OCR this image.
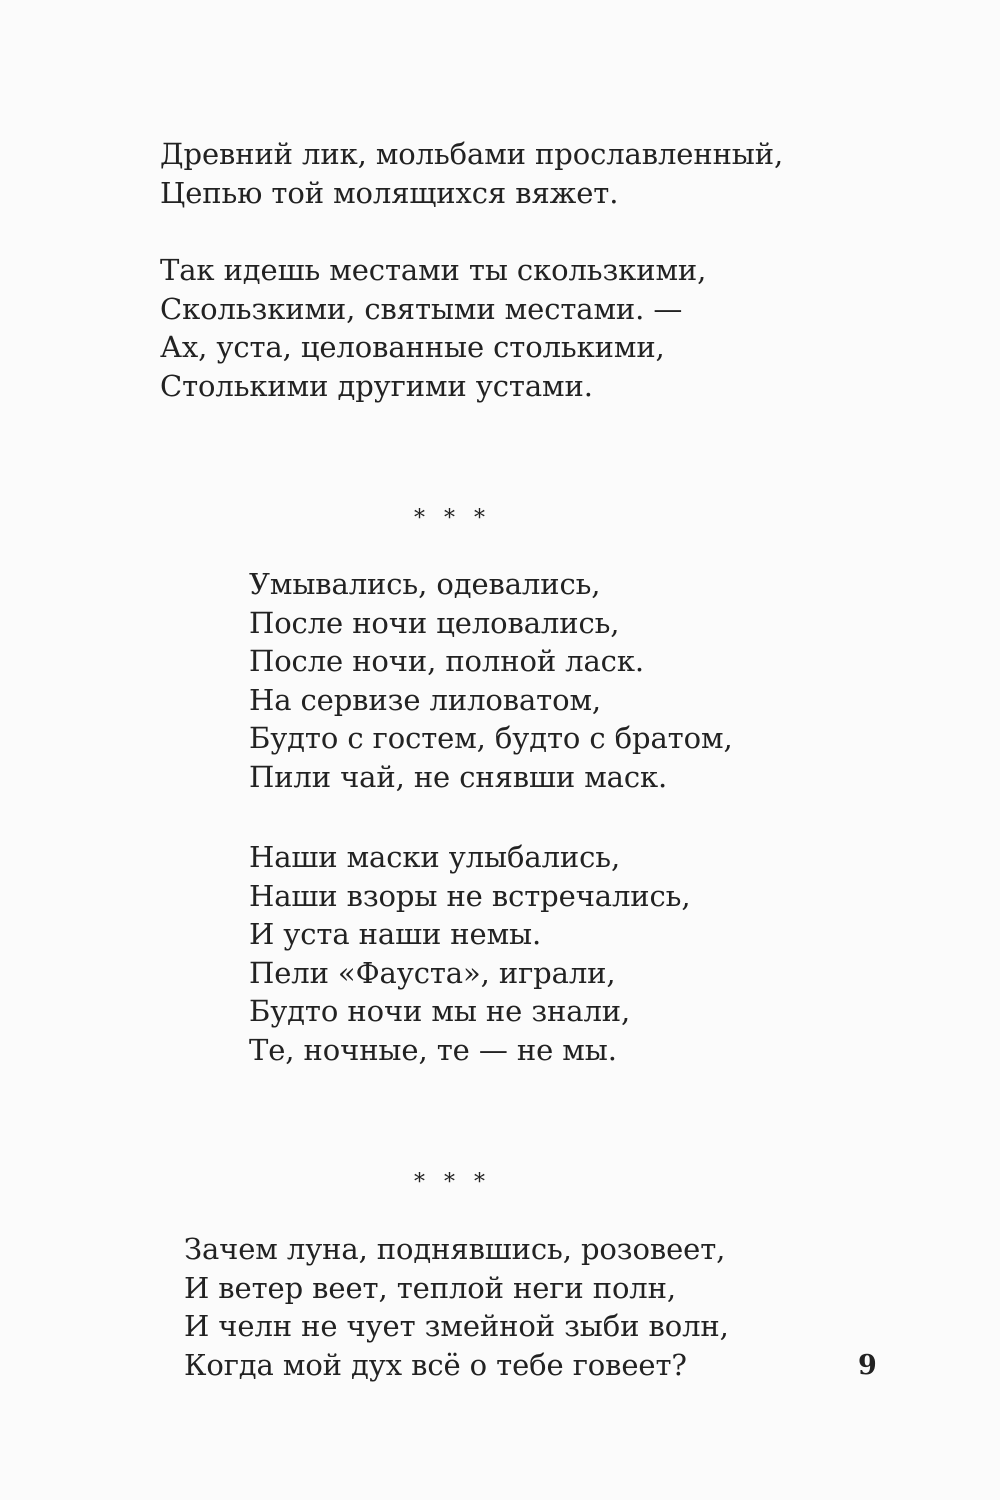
Древний лик, мольбами прославленный,
Цепью той молящихся вяжет.
Так идешь местами ты скользкими,
Скользкими, святыми местами. —
Ах, уста, целованные столькими,
Столькими другими устами.
* * *
Умывались, одевались,
После ночи целовались,
После ночи, полной ласк.
На сервизе лиловатом,
Будто с гостем, будто с братом,
Пили чай, не снявши маск.
Наши маски улыбались,
Наши взоры не встречались,
И уста наши немы.
Пели «Фауста», играли,
Будто ночи мы не знали,
Те, ночные, те — не мы.
* * *
Зачем луна, поднявшись, розовеет,
И ветер веет, теплой неги полн,
И челн не чует змейной зыби волн,
Когда мой дух всё о тебе говеет?	9
